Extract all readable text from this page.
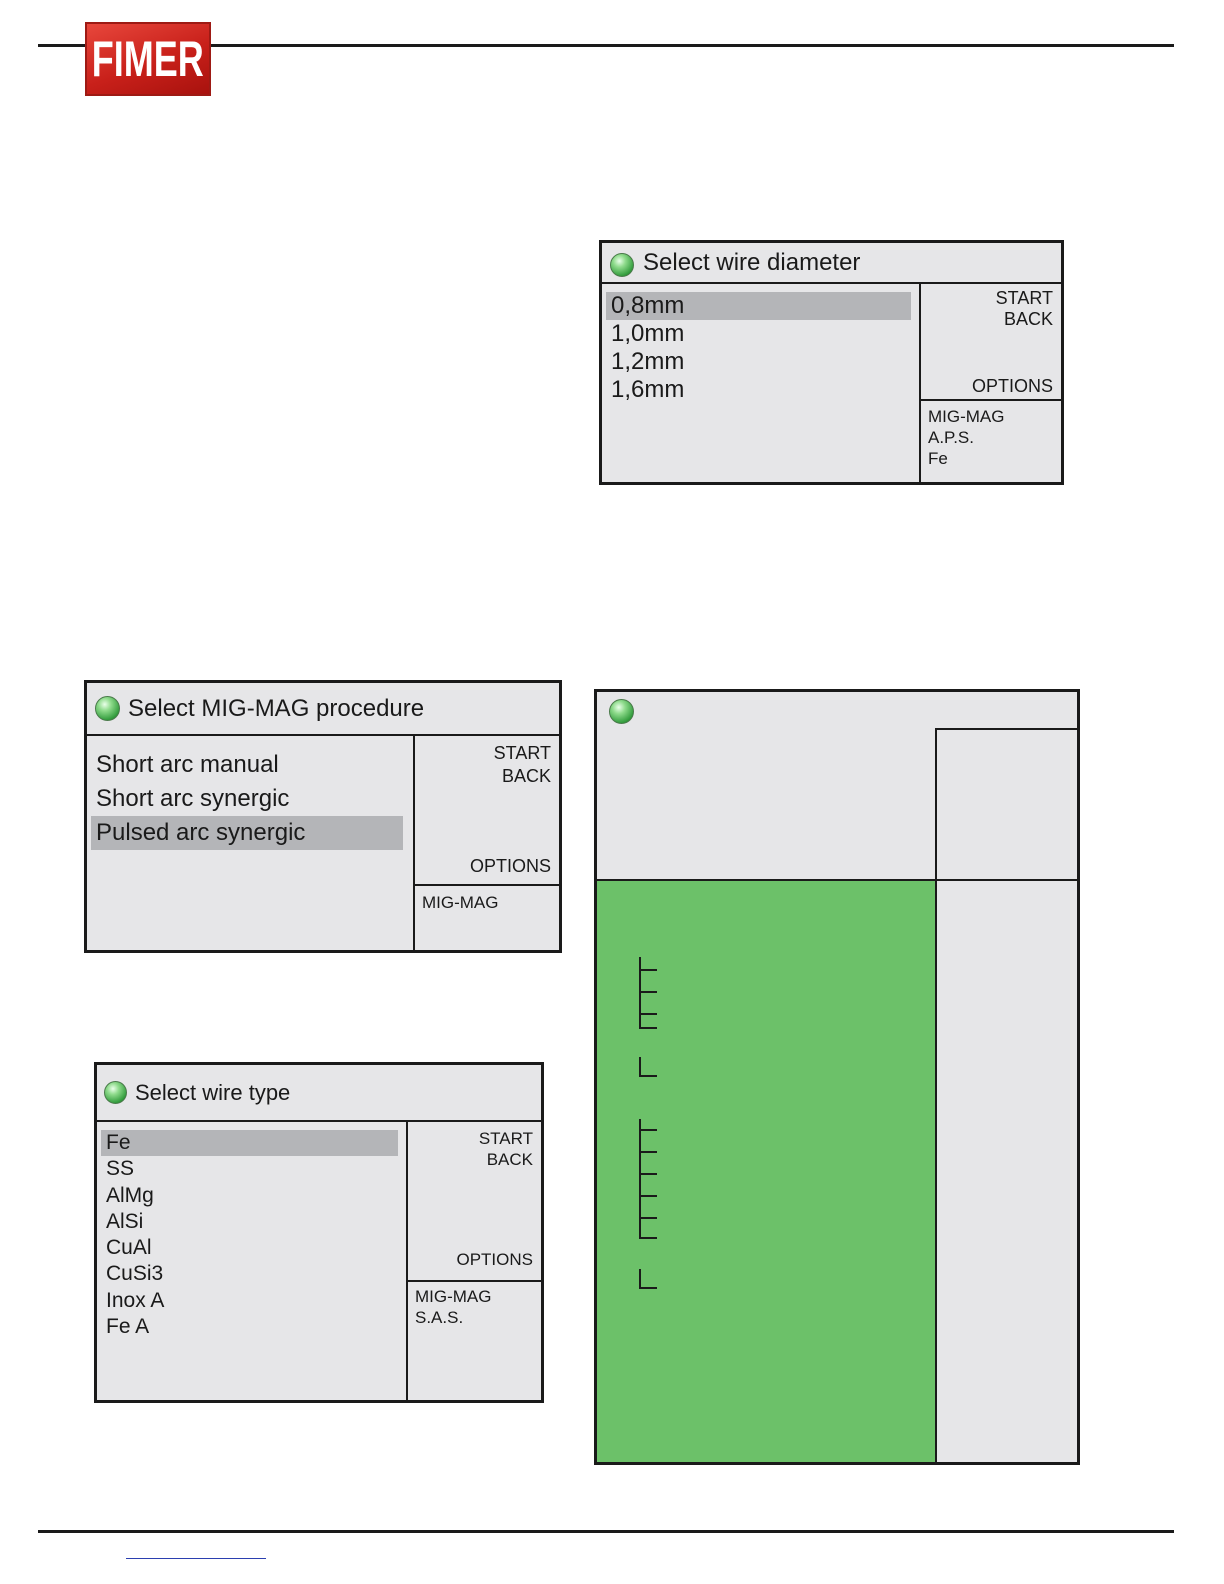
FIMER
Select wire diameter
0,8mm
1,0mm
1,2mm
1,6mm
START
BACK
OPTIONS
MIG-MAG
A.P.S.
Fe
Select MIG-MAG procedure
Short arc manual
Short arc synergic
Pulsed arc synergic
START
BACK
OPTIONS
MIG-MAG
Select wire type
Fe
SS
AlMg
AlSi
CuAl
CuSi3
Inox A
Fe A
START
BACK
OPTIONS
MIG-MAG
S.A.S.
